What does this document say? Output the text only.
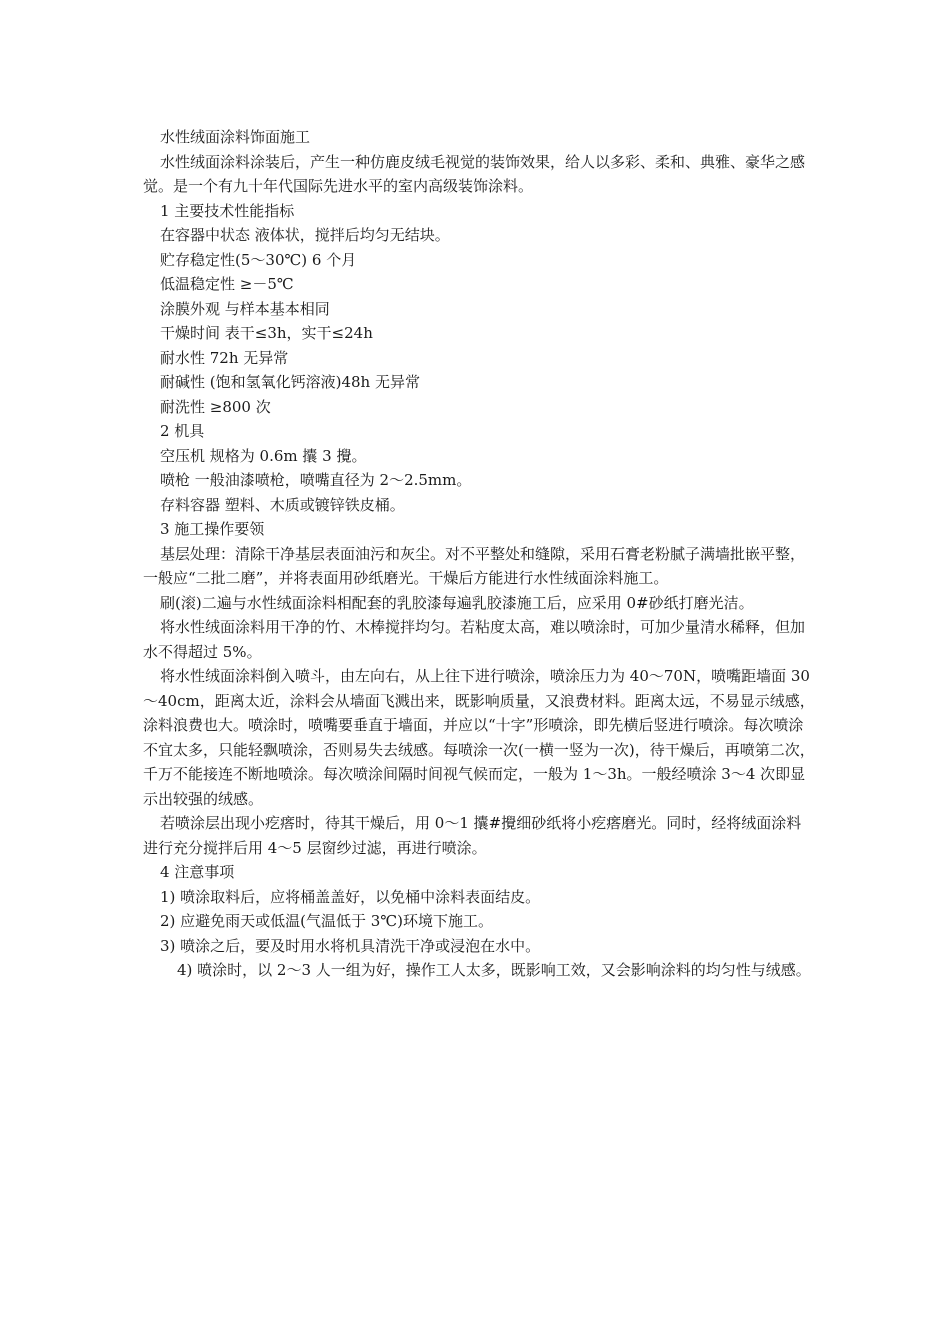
水性绒面涂料饰面施工

水性绒面涂料涂装后，产生一种仿鹿皮绒毛视觉的装饰效果，给人以多彩、柔和、典雅、豪华之感觉。是一个有九十年代国际先进水平的室内高级装饰涂料。

1 主要技术性能指标

在容器中状态 液体状，搅拌后均匀无结块。

贮存稳定性(5～30℃) 6 个月

低温稳定性 ≥－5℃

涂膜外观 与样本基本相同

干燥时间 表干≤3h，实干≤24h

耐水性 72h 无异常

耐碱性 (饱和氢氧化钙溶液)48h 无异常

耐洗性 ≥800 次

2 机具

空压机 规格为 0.6m 攮 3 攪。

喷枪 一般油漆喷枪，喷嘴直径为 2～2.5mm。

存料容器 塑料、木质或镀锌铁皮桶。

3 施工操作要领

基层处理：清除干净基层表面油污和灰尘。对不平整处和缝隙，采用石膏老粉腻子满墙批嵌平整，一般应“二批二磨”，并将表面用砂纸磨光。干燥后方能进行水性绒面涂料施工。

刷(滚)二遍与水性绒面涂料相配套的乳胶漆每遍乳胶漆施工后，应采用 0#砂纸打磨光洁。

将水性绒面涂料用干净的竹、木棒搅拌均匀。若粘度太高，难以喷涂时，可加少量清水稀释，但加水不得超过 5%。

将水性绒面涂料倒入喷斗，由左向右，从上往下进行喷涂，喷涂压力为 40～70N，喷嘴距墙面 30～40cm，距离太近，涂料会从墙面飞溅出来，既影响质量，又浪费材料。距离太远，不易显示绒感，涂料浪费也大。喷涂时，喷嘴要垂直于墙面，并应以“十字”形喷涂，即先横后竖进行喷涂。每次喷涂不宜太多，只能轻飘喷涂，否则易失去绒感。每喷涂一次(一横一竖为一次)，待干燥后，再喷第二次，千万不能接连不断地喷涂。每次喷涂间隔时间视气候而定，一般为 1～3h。一般经喷涂 3～4 次即显示出较强的绒感。

若喷涂层出现小疙瘩时，待其干燥后，用 0～1 攮#攪细砂纸将小疙瘩磨光。同时，经将绒面涂料进行充分搅拌后用 4～5 层窗纱过滤，再进行喷涂。

4 注意事项

1) 喷涂取料后，应将桶盖盖好，以免桶中涂料表面结皮。

2) 应避免雨天或低温(气温低于 3℃)环境下施工。

3) 喷涂之后，要及时用水将机具清洗干净或浸泡在水中。

4) 喷涂时，以 2～3 人一组为好，操作工人太多，既影响工效，又会影响涂料的均匀性与绒感。
